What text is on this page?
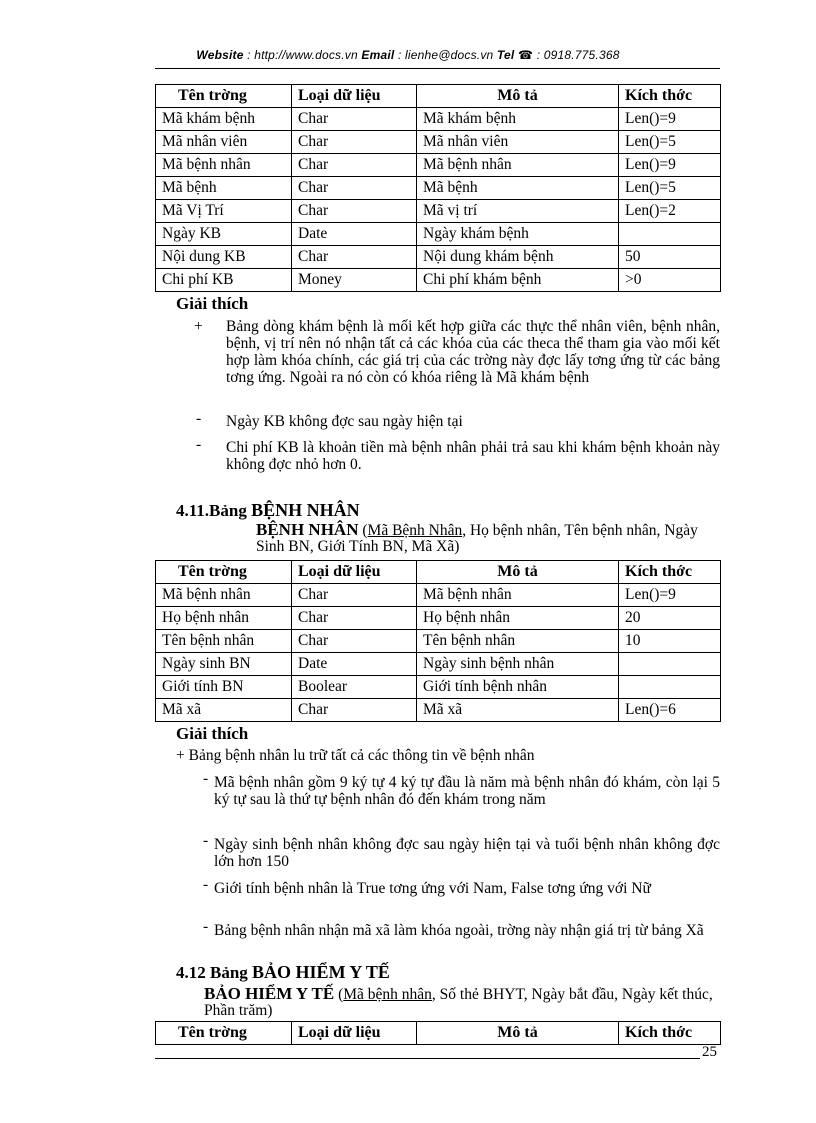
Website : http://www.docs.vn Email : lienhe@docs.vn Tel ☎ : 0918.775.368
Tên trờng	Loại dữ liệu	Mô tả	Kích thớc
Mã khám bệnh	Char	Mã khám bệnh	Len()=9
Mã nhân viên	Char	Mã nhân viên	Len()=5
Mã bệnh nhân	Char	Mã bệnh nhân	Len()=9
Mã bệnh	Char	Mã bệnh	Len()=5
Mã Vị Trí	Char	Mã vị trí	Len()=2
Ngày KB	Date	Ngày khám bệnh	
Nội dung KB	Char	Nội dung khám bệnh	50
Chi phí KB	Money	Chi phí khám bệnh	>0
Giải thích
+ Bảng dòng khám bệnh là mối kết hợp giữa các thực thể nhân viên, bệnh nhân, bệnh, vị trí nên nó nhận tất cả các khóa của các theca thể tham gia vào mối kết hợp làm khóa chính, các giá trị của các trờng này đợc lấy tơng ứng từ các bảng tơng ứng. Ngoài ra nó còn có khóa riêng là Mã khám bệnh
- Ngày KB không đợc sau ngày hiện tại
- Chi phí KB là khoản tiền mà bệnh nhân phải trả sau khi khám bệnh khoản này không đợc nhỏ hơn 0.
4.11.Bảng BỆNH NHÂN
BỆNH NHÂN (Mã Bệnh Nhân, Họ bệnh nhân, Tên bệnh nhân, Ngày Sinh BN, Giới Tính BN, Mã Xã)
Tên trờng	Loại dữ liệu	Mô tả	Kích thớc
Mã bệnh nhân	Char	Mã bệnh nhân	Len()=9
Họ bệnh nhân	Char	Họ bệnh nhân	20
Tên bệnh nhân	Char	Tên bệnh nhân	10
Ngày sinh BN	Date	Ngày sinh bệnh nhân	
Giới tính BN	Boolear	Giới tính bệnh nhân	
Mã xã	Char	Mã xã	Len()=6
Giải thích
+ Bảng bệnh nhân lu trữ tất cả các thông tin về bệnh nhân
- Mã bệnh nhân gồm 9 ký tự 4 ký tự đầu là năm mà bệnh nhân đó khám, còn lại 5 ký tự sau là thứ tự bệnh nhân đó đến khám trong năm
- Ngày sinh bệnh nhân không đợc sau ngày hiện tại và tuổi bệnh nhân không đợc lớn hơn 150
- Giới tính bệnh nhân là True tơng ứng với Nam, False tơng ứng với Nữ
- Bảng bệnh nhân nhận mã xã làm khóa ngoài, trờng này nhận giá trị từ bảng Xã
4.12 Bảng BẢO HIỂM Y TẾ
BẢO HIỂM Y TẾ (Mã bệnh nhân, Số thẻ BHYT, Ngày bắt đầu, Ngày kết thúc, Phần trăm)
Tên trờng	Loại dữ liệu	Mô tả	Kích thớc
25
